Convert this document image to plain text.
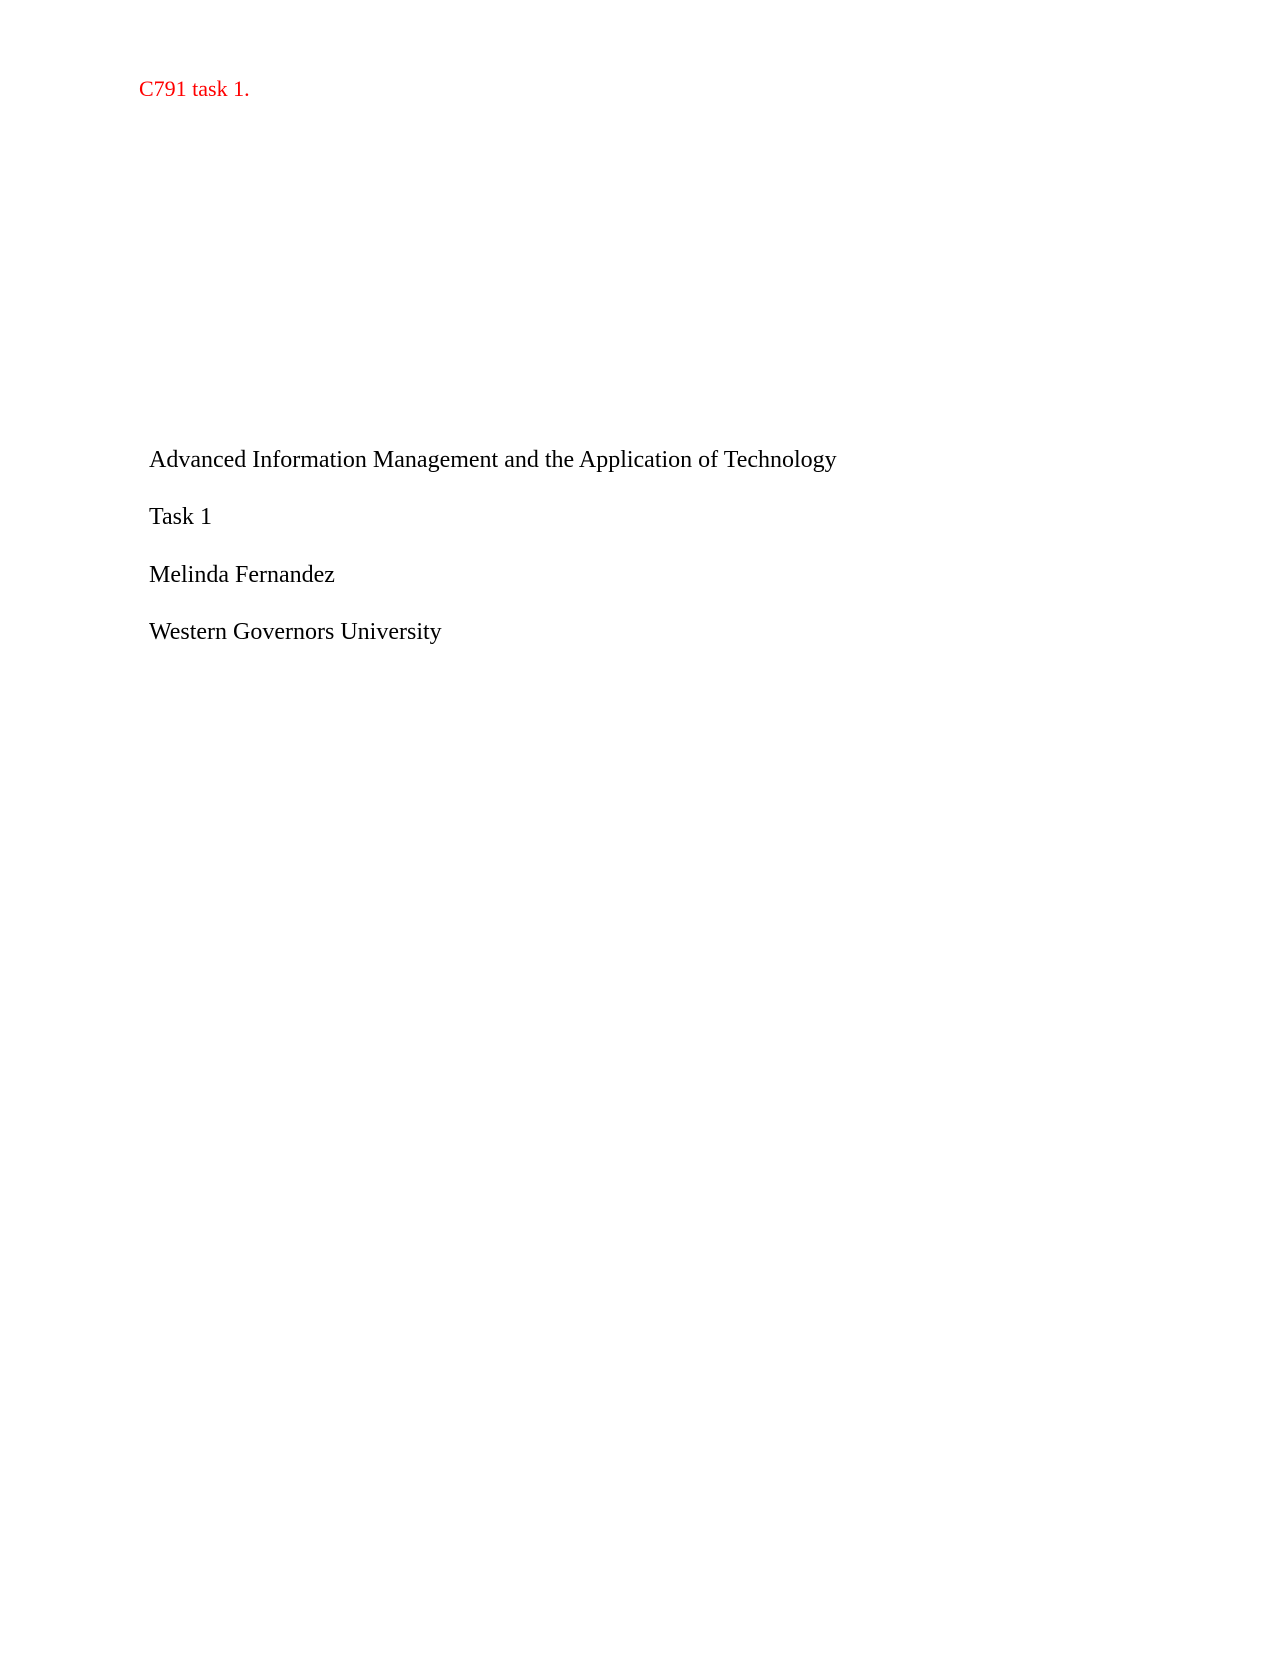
C791 task 1.
Advanced Information Management and the Application of Technology
Task 1
Melinda Fernandez
Western Governors University
